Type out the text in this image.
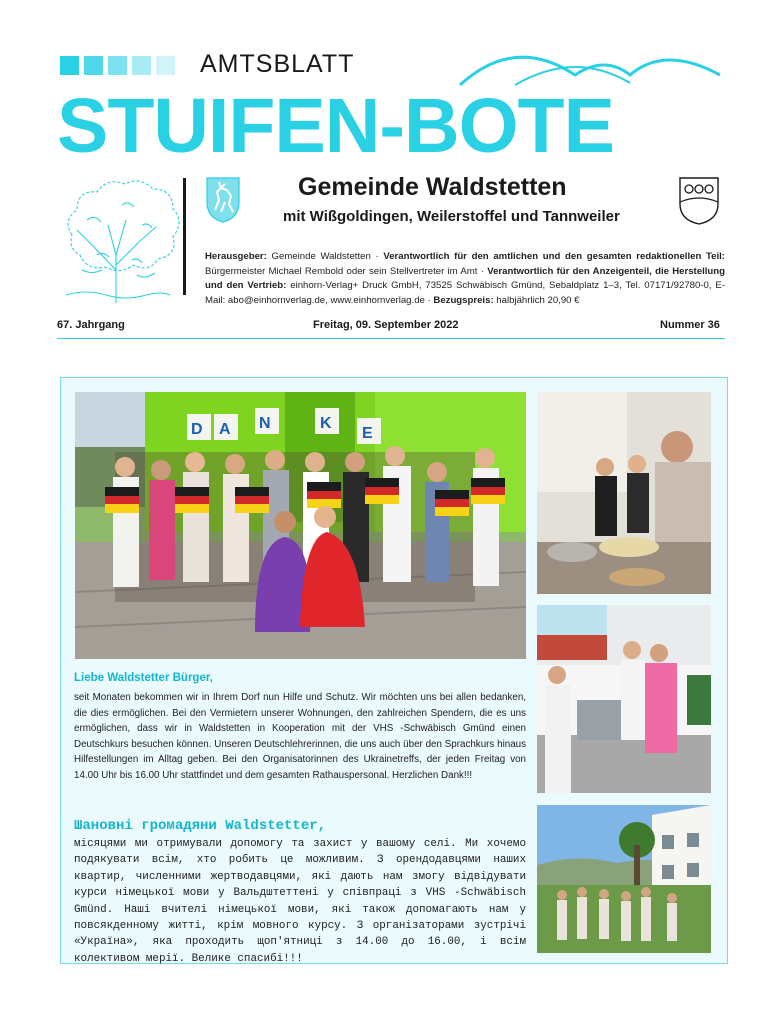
AMTSBLATT
STUIFEN-BOTE
Gemeinde Waldstetten
mit Wißgoldingen, Weilerstoffel und Tannweiler
Herausgeber: Gemeinde Waldstetten · Verantwortlich für den amtlichen und den gesamten redaktionellen Teil: Bürgermeister Michael Rembold oder sein Stellvertreter im Amt · Verantwortlich für den Anzeigenteil, die Herstellung und den Vertrieb: einhorn-Verlag+ Druck GmbH, 73525 Schwäbisch Gmünd, Sebaldplatz 1–3, Tel. 07171/92780-0, E-Mail: abo@einhornverlag.de, www.einhornverlag.de · Bezugspreis: halbjährlich 20,90 €
67. Jahrgang	Freitag, 09. September 2022	Nummer 36
D A N	K
E
Liebe Waldstetter Bürger,
seit Monaten bekommen wir in Ihrem Dorf nun Hilfe und Schutz. Wir möchten uns bei allen bedanken, die dies ermöglichen. Bei den Vermietern unserer Wohnungen, den zahlreichen Spendern, die es uns ermöglichen, dass wir in Waldstetten in Kooperation mit der VHS -Schwäbisch Gmünd einen Deutschkurs besuchen können. Unseren Deutschlehrerinnen, die uns auch über den Sprachkurs hinaus Hilfestellungen im Alltag geben. Bei den Organisatorinnen des Ukrainetreffs, der jeden Freitag von 14.00 Uhr bis 16.00 Uhr stattfindet und dem gesamten Rathauspersonal. Herzlichen Dank!!!
Шановні громадяни Waldstetter,
місяцями ми отримували допомогу та захист у вашому селі. Ми хочемо подякувати всім, хто робить це можливим. З орендодавцями наших квартир, численними жертводавцями, які дають нам змогу відвідувати курси німецької мови у Вальдштеттені у співпраці з VHS -Schwäbisch Gmünd. Наші вчителі німецької мови, які також допомагають нам у повсякденному житті, крім мовного курсу. З організаторами зустрічі «Україна», яка проходить щоп'ятниці з 14.00 до 16.00, і всім колективом мерії. Велике спасибі!!!
